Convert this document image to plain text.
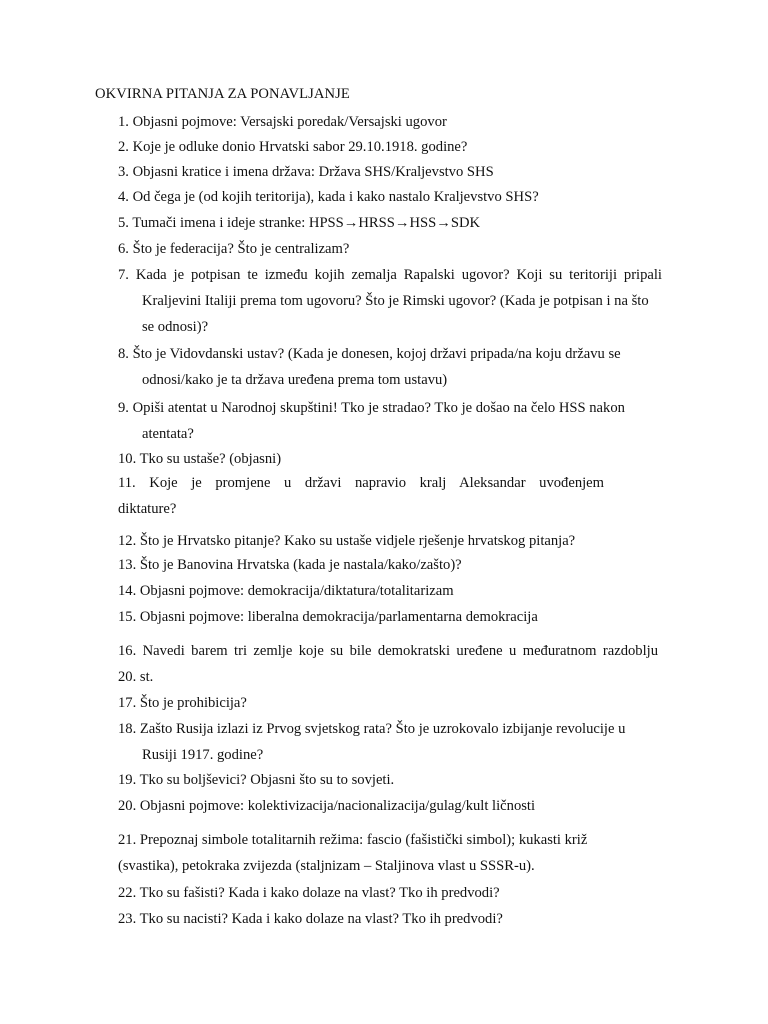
OKVIRNA PITANJA ZA PONAVLJANJE
1. Objasni pojmove: Versajski poredak/Versajski ugovor
2. Koje je odluke donio Hrvatski sabor 29.10.1918. godine?
3. Objasni kratice i imena država: Država SHS/Kraljevstvo SHS
4. Od čega je (od kojih teritorija), kada i kako nastalo Kraljevstvo SHS?
5. Tumači imena i ideje stranke: HPSS→HRSS→HSS→SDK
6. Što je federacija? Što je centralizam?
7. Kada je potpisan te između kojih zemalja Rapalski ugovor? Koji su teritoriji pripali
Kraljevini Italiji prema tom ugovoru? Što je Rimski ugovor? (Kada je potpisan i na što
se odnosi)?
8. Što je Vidovdanski ustav? (Kada je donesen, kojoj državi pripada/na koju državu se
odnosi/kako je ta država uređena prema tom ustavu)
9. Opiši atentat u Narodnoj skupštini! Tko je stradao? Tko je došao na čelo HSS nakon
atentata?
10. Tko su ustaše? (objasni)
11. Koje je promjene u državi napravio kralj Aleksandar uvođenjem
diktature?
12. Što je Hrvatsko pitanje? Kako su ustaše vidjele rješenje hrvatskog pitanja?
13. Što je Banovina Hrvatska (kada je nastala/kako/zašto)?
14. Objasni pojmove: demokracija/diktatura/totalitarizam
15. Objasni pojmove: liberalna demokracija/parlamentarna demokracija
16. Navedi barem tri zemlje koje su bile demokratski uređene u međuratnom razdoblju
20. st.
17. Što je prohibicija?
18. Zašto Rusija izlazi iz Prvog svjetskog rata? Što je uzrokovalo izbijanje revolucije u
Rusiji 1917. godine?
19. Tko su boljševici? Objasni što su to sovjeti.
20. Objasni pojmove: kolektivizacija/nacionalizacija/gulag/kult ličnosti
21. Prepoznaj simbole totalitarnih režima: fascio (fašistički simbol); kukasti križ
(svastika), petokraka zvijezda (staljnizam – Staljinova vlast u SSSR-u).
22. Tko su fašisti? Kada i kako dolaze na vlast? Tko ih predvodi?
23. Tko su nacisti? Kada i kako dolaze na vlast? Tko ih predvodi?
